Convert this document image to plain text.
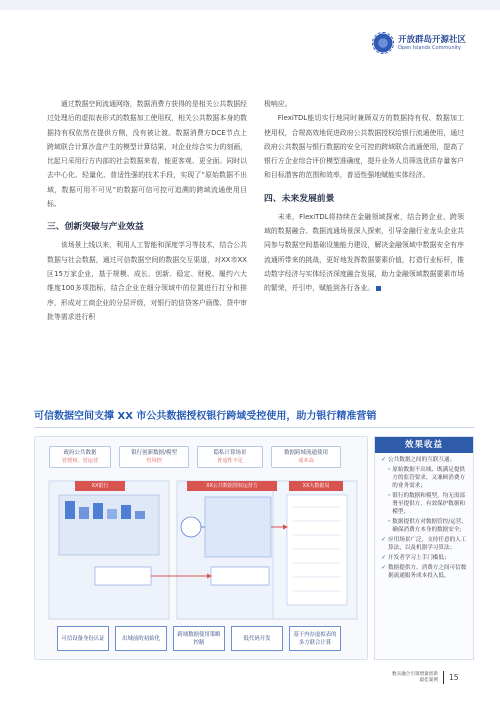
开放群岛开源社区
Open Islands Community

通过数据空间流通网络，数据消费方获得的是相关公共数据经过处理后的虚拟表形式的数据加工使用权，相关公共数据本身的数据持有权依然在提供方侧，没有被让渡。数据消费方DCE节点上跨域联合计算沙盒产生的模型计算结果，对企业综合实力的刻画，比起只采用行方内部的社会数据来看，能更客观、更全面。同时以去中心化、轻量化、普适性强的技术手段，实现了“原始数据不出域，数据可用不可见”的数据可信可控可追溯的跨域流通使用目标。

三、创新突破与产业效益

该场景上线以来，利用人工智能和深度学习等技术，结合公共数据与社会数据，通过可信数据空间的数据交互渠道，对XX市XX区15万家企业，基于规模、成长、创新、稳定、财税、履约六大维度100多项指标，结合企业在细分领域中的位置进行打分和排序，形成对工商企业的分层评级，对银行的信贷客户画像、贷中审批等需求进行积

极响应。

FlexiTDL能切实行地同时兼顾双方的数据持有权、数据加工使用权，合规高效地促进政府公共数据授权给银行流通使用，通过政府公共数据与银行数据的安全可控的跨域联合流通使用，提高了银行方企业综合评价模型准确度，提升业务人员筛选优质存量客户和目标潜客的范围和效率，普适性强地赋能实体经济。

四、未来发展前景

未来，FlexiTDL将持续在金融领域探索，结合跨企业、跨领域的数据融合、数据流通场景深入探索，引导金融行业龙头企业共同参与数据空间基础设施能力建设，解决金融领域中数据安全有序流通所带来的挑战，更好地发挥数据要素价值，打造行业标杆，推动数字经济与实体经济深度融合发展，助力金融领域数据要素市场的繁荣，并引申，赋能到各行各业。

可信数据空间支撑 XX 市公共数据授权银行跨域受控使用，助力银行精准营销
政府公共数据
管授权、管运营
银行创新数据/模型
管风控
隐私计算场景
普适性不足
数据跨域流通使用
成本高
XX银行	XX公共数据授权运营方	XX大数据局
可信设备身份认证	出域前的初始化
跨域数据使用策略控制
低代码开发
基于内存虚拟表的多方联合计算
效果收益
✓ 公共数据之间的互联互通；
· 原始数据不出域、既满足提供方的监管要求，又兼顾消费方的业务需求；
· 银行的数据和模型，均无需部署至提供方，有效保护数据和模型；
· 数据提供方对数据管控/运营，确保消费方本身的数据安全；
✓ 应用场景广泛，支持任意的人工算法，以及机器学习算法；
✓ 开发者学习上手门槛低；
✓ 数据提供方、消费方之间可信数据流通服务成本投入低。
数实融合引领增量创新
最佳案例 15
